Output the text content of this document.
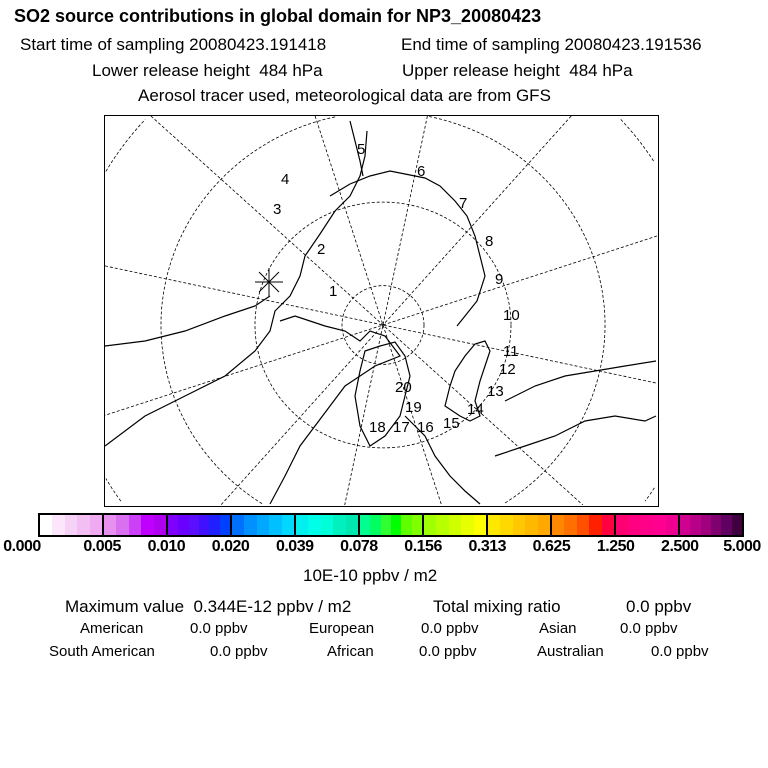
SO2 source contributions in global domain for NP3_20080423
Start time of sampling 20080423.191418	End time of sampling 20080423.191536
Lower release height  484 hPa	Upper release height  484 hPa
Aerosol tracer used, meteorological data are from GFS
1
2
3
4
5
6
7
8
9
10
11
12
13
14
15
16
17
18
19
20
0.000	0.005 0.010 0.020 0.039 0.078 0.156 0.313 0.625 1.250 2.500 5.000
10E-10 ppbv / m2
Maximum value  0.344E-12 ppbv / m2	Total mixing ratio	0.0 ppbv
American	0.0 ppbv	European	0.0 ppbv	Asian	0.0 ppbv
South American	0.0 ppbv	African	0.0 ppbv	Australian	0.0 ppbv
